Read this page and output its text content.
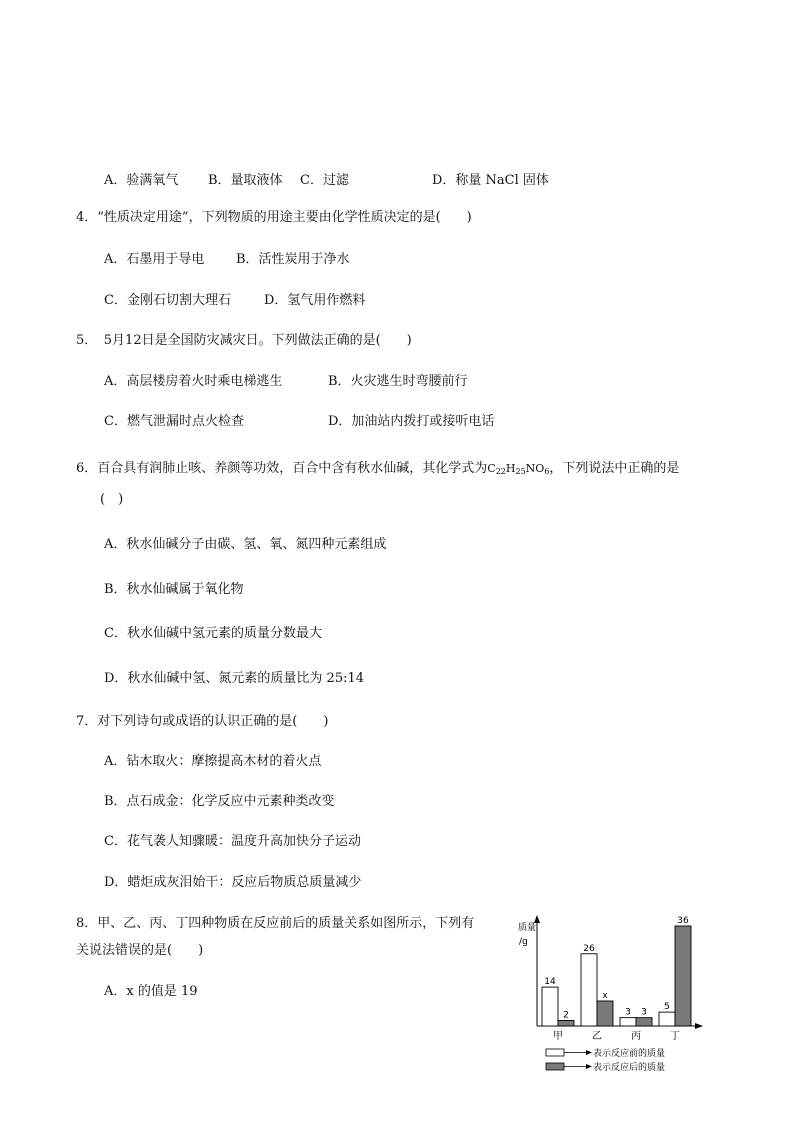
A．验满氧气 B．量取液体 C．过滤	D．称量 NaCl 固体
4．“性质决定用途”，下列物质的用途主要由化学性质决定的是(　　)
A．石墨用于导电 B．活性炭用于净水
C．金刚石切割大理石	D．氢气用作燃料
5．　5月12日是全国防灾减灾日。下列做法正确的是(　　)
A．高层楼房着火时乘电梯逃生	B．火灾逃生时弯腰前行
C．燃气泄漏时点火检查	D．加油站内拨打或接听电话
6．百合具有润肺止咳、养颜等功效，百合中含有秋水仙碱，其化学式为$C_{22}H_{25}NO_6$，下列说法中正确的是
(　)
A．秋水仙碱分子由碳、氢、氧、氮四种元素组成
B．秋水仙碱属于氧化物
C．秋水仙碱中氢元素的质量分数最大
D．秋水仙碱中氢、氮元素的质量比为 25:14
7．对下列诗句或成语的认识正确的是(　　)
A．钻木取火：摩擦提高木材的着火点
B．点石成金：化学反应中元素种类改变
C．花气袭人知骤暖：温度升高加快分子运动
D．蜡炬成灰泪始干：反应后物质总质量减少
8．甲、乙、丙、丁四种物质在反应前后的质量关系如图所示，下列有
关说法错误的是(　　)
A．x 的值是 19
质量
/g
14
2
26
x
3 3
5
36
甲	乙	丙	丁
表示反应前的质量
表示反应后的质量
